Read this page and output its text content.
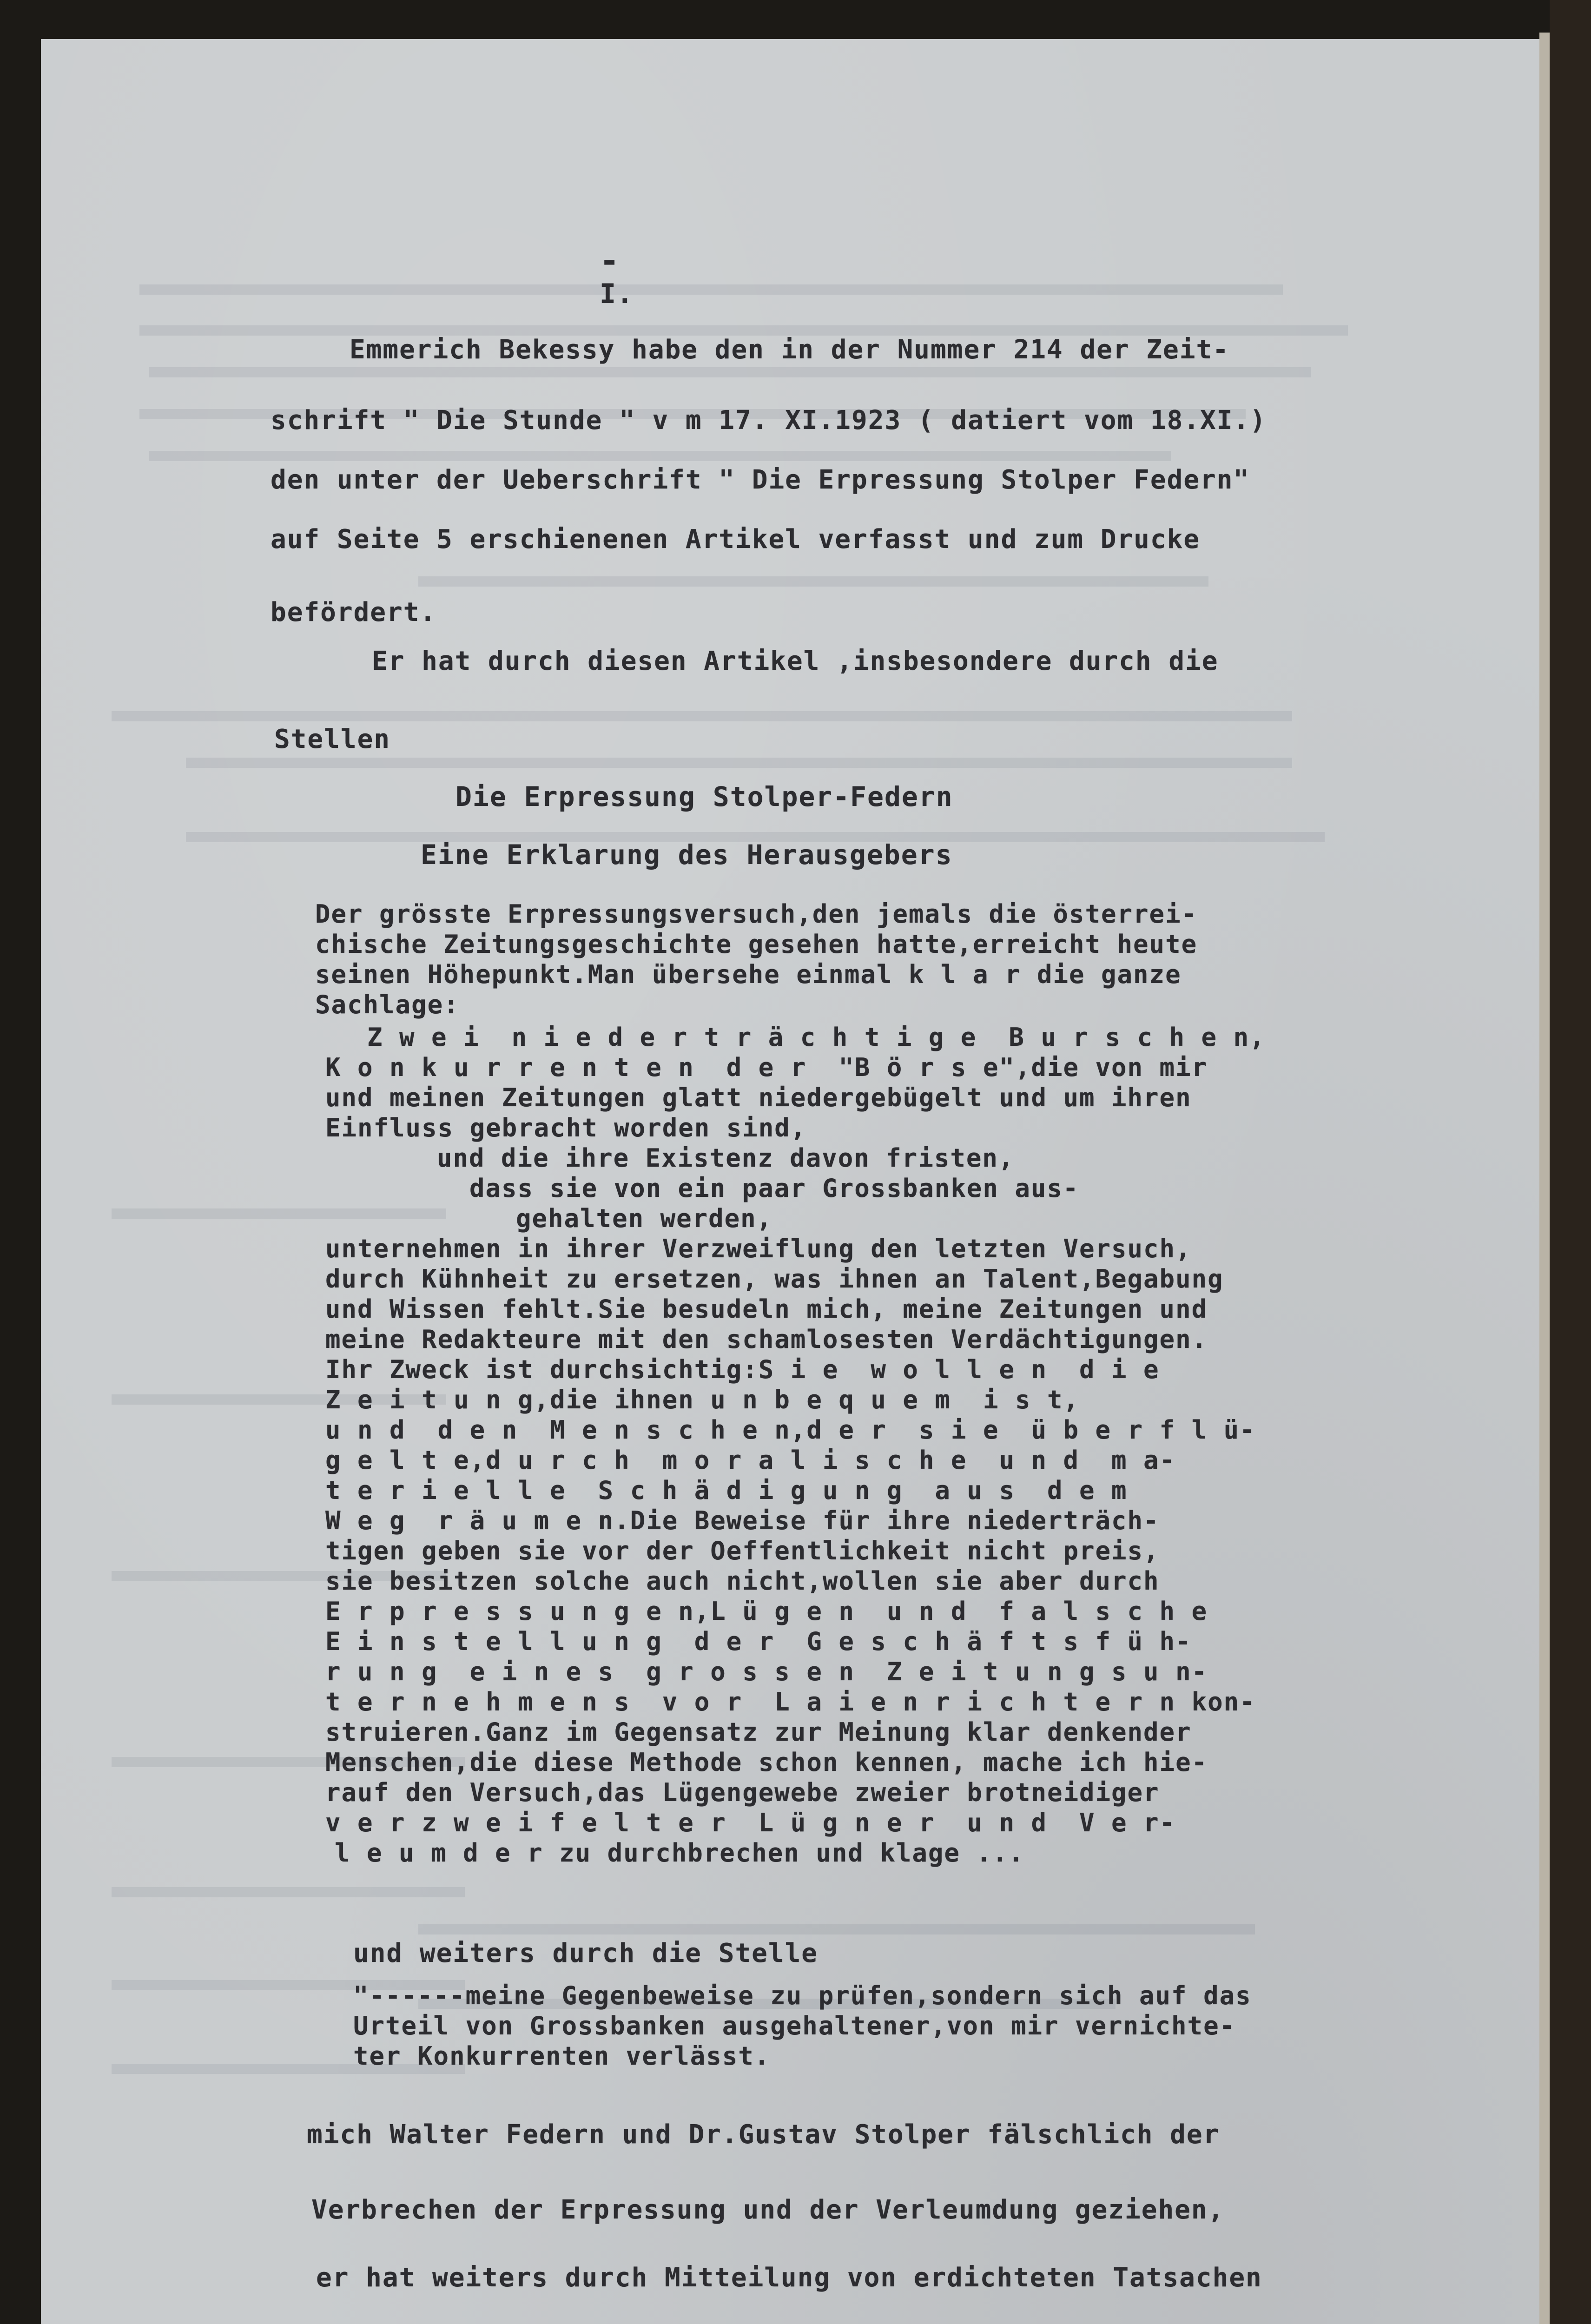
-
I.
Emmerich Bekessy habe den in der Nummer 214 der Zeit-
schrift " Die Stunde " v m 17. XI.1923 ( datiert vom 18.XI.)
den unter der Ueberschrift " Die Erpressung Stolper Federn"
auf Seite 5 erschienenen Artikel verfasst und zum Drucke
befördert.
Er hat durch diesen Artikel ,insbesondere durch die
Stellen
Die Erpressung Stolper-Federn
Eine Erklarung des Herausgebers
Der grösste Erpressungsversuch,den jemals die österrei-
chische Zeitungsgeschichte gesehen hatte,erreicht heute
seinen Höhepunkt.Man übersehe einmal k l a r die ganze
Sachlage:
Z w e i  n i e d e r t r ä c h t i g e  B u r s c h e n,
K o n k u r r e n t e n  d e r  "B ö r s e",die von mir
und meinen Zeitungen glatt niedergebügelt und um ihren
Einfluss gebracht worden sind,
und die ihre Existenz davon fristen,
dass sie von ein paar Grossbanken aus-
gehalten werden,
unternehmen in ihrer Verzweiflung den letzten Versuch,
durch Kühnheit zu ersetzen, was ihnen an Talent,Begabung
und Wissen fehlt.Sie besudeln mich, meine Zeitungen und
meine Redakteure mit den schamlosesten Verdächtigungen.
Ihr Zweck ist durchsichtig:S i e  w o l l e n  d i e
Z e i t u n g,die ihnen u n b e q u e m  i s t,
u n d  d e n  M e n s c h e n,d e r  s i e  ü b e r f l ü-
g e l t e,d u r c h  m o r a l i s c h e  u n d  m a-
t e r i e l l e  S c h ä d i g u n g  a u s  d e m
W e g  r ä u m e n.Die Beweise für ihre niederträch-
tigen geben sie vor der Oeffentlichkeit nicht preis,
sie besitzen solche auch nicht,wollen sie aber durch
E r p r e s s u n g e n,L ü g e n  u n d  f a l s c h e
E i n s t e l l u n g  d e r  G e s c h ä f t s f ü h-
r u n g  e i n e s  g r o s s e n  Z e i t u n g s u n-
t e r n e h m e n s  v o r  L a i e n r i c h t e r n kon-
struieren.Ganz im Gegensatz zur Meinung klar denkender
Menschen,die diese Methode schon kennen, mache ich hie-
rauf den Versuch,das Lügengewebe zweier brotneidiger
v e r z w e i f e l t e r  L ü g n e r  u n d  V e r-
l e u m d e r zu durchbrechen und klage ...
und weiters durch die Stelle
"------meine Gegenbeweise zu prüfen,sondern sich auf das
Urteil von Grossbanken ausgehaltener,von mir vernichte-
ter Konkurrenten verlässt.
mich Walter Federn und Dr.Gustav Stolper fälschlich der
Verbrechen der Erpressung und der Verleumdung geziehen,
er hat weiters durch Mitteilung von erdichteten Tatsachen
